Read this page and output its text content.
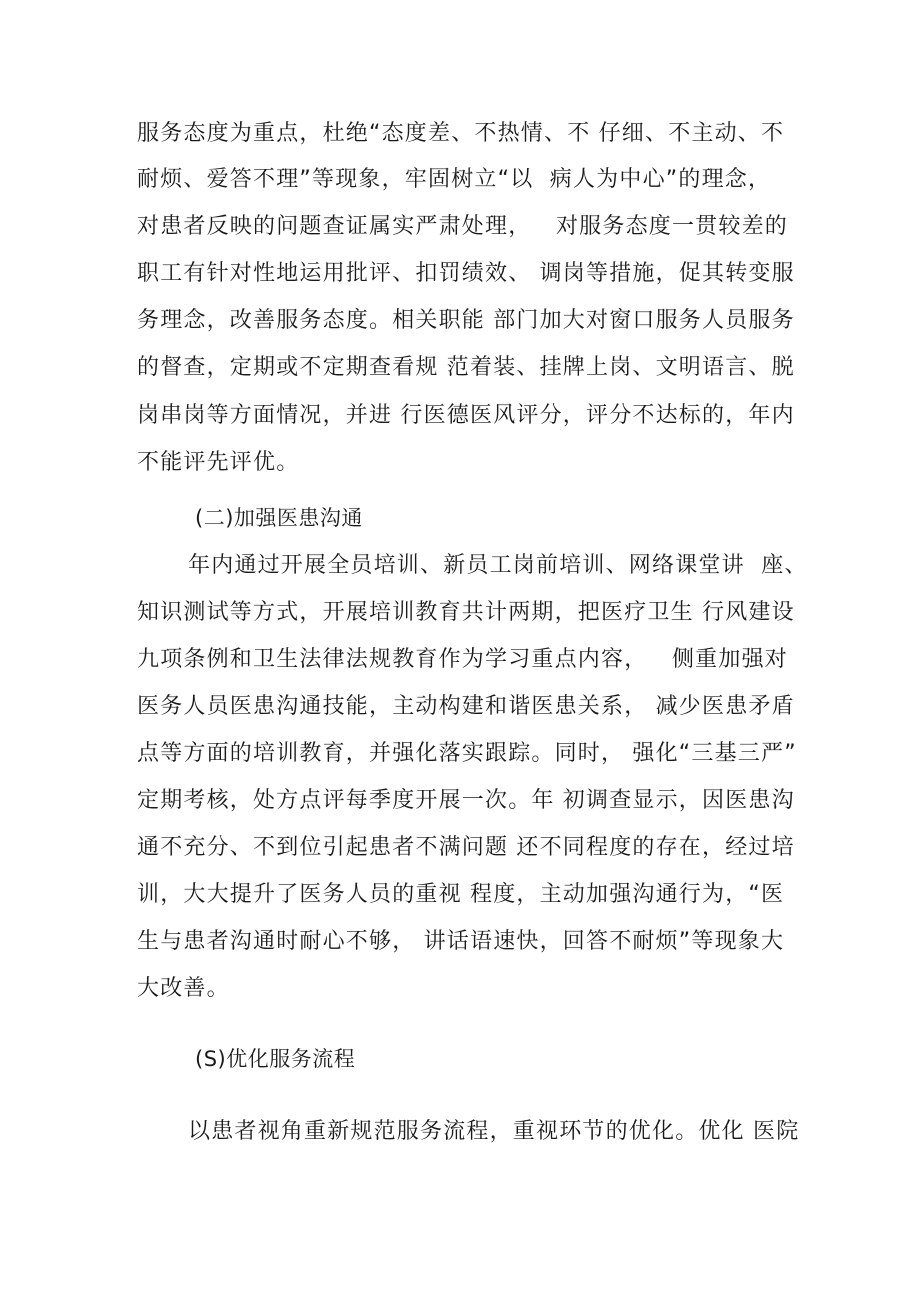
服务态度为重点，杜绝“态度差、不热情、不 仔细、不主动、不
耐烦、爱答不理”等现象，牢固树立“以  病人为中心”的理念，
对患者反映的问题查证属实严肃处理，   对服务态度一贯较差的
职工有针对性地运用批评、扣罚绩效、 调岗等措施，促其转变服
务理念，改善服务态度。相关职能 部门加大对窗口服务人员服务
的督查，定期或不定期查看规 范着装、挂牌上岗、文明语言、脱
岗串岗等方面情况，并进 行医德医风评分，评分不达标的，年内
不能评先评优。
(二)加强医患沟通
年内通过开展全员培训、新员工岗前培训、网络课堂讲  座、
知识测试等方式，开展培训教育共计两期，把医疗卫生 行风建设
九项条例和卫生法律法规教育作为学习重点内容，   侧重加强对
医务人员医患沟通技能，主动构建和谐医患关系， 减少医患矛盾
点等方面的培训教育，并强化落实跟踪。同时， 强化“三基三严”
定期考核，处方点评每季度开展一次。年 初调查显示，因医患沟
通不充分、不到位引起患者不满问题 还不同程度的存在，经过培
训，大大提升了医务人员的重视 程度，主动加强沟通行为，“医
生与患者沟通时耐心不够， 讲话语速快，回答不耐烦”等现象大
大改善。
(S)优化服务流程
以患者视角重新规范服务流程，重视环节的优化。优化 医院
